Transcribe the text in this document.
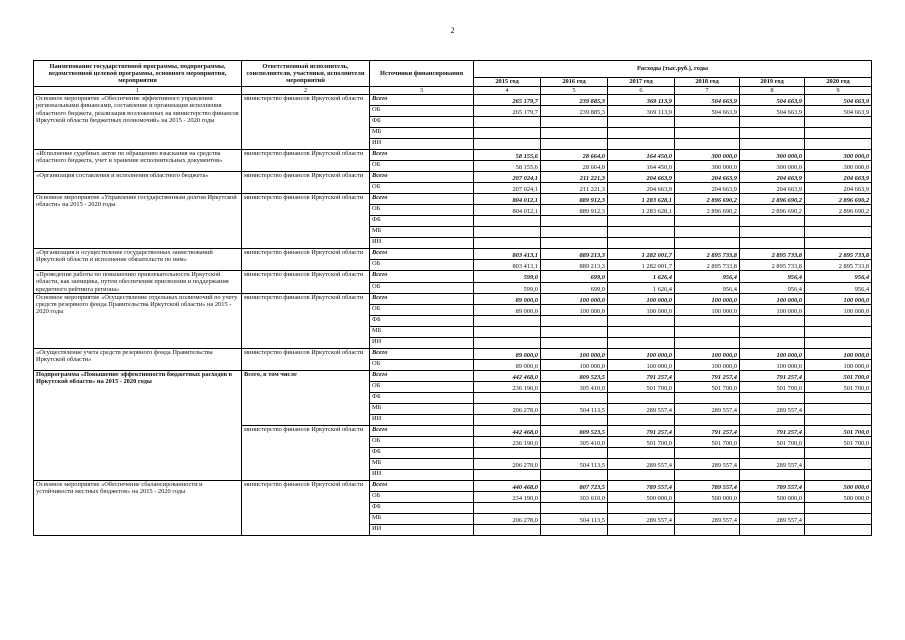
2
Наименование государственной программы, подпрограммы, ведомственной целевой программы, основного мероприятия, мероприятия	Ответственный исполнитель, соисполнители, участники, исполнители мероприятий	Источники финансирования	Расходы (тыс.руб.), годы					
			2015 год	2016 год	2017 год	2018 год	2019 год	2020 год
1	2	3	4	5	6	7	8	9
Основное мероприятие «Обеспечение эффективного управления региональными финансами, составление и организация исполнения областного бюджета, реализация возложенных на министерство финансов Иркутской области бюджетных полномочий» на 2015 - 2020 годы	министерство финансов Иркутской области	Всего	265 179,7	239 885,3	369 113,9	504 663,9	504 663,9	504 663,9
		ОБ	265 179,7	239 885,3	369 113,9	504 663,9	504 663,9	504 663,9
		ФБ						
		МБ						
		ИИ						
«Исполнение судебных актов по обращению взыскания на средства областного бюджета, учет и хранение исполнительных документов»	министерство финансов Иркутской области	Всего	58 155,6	28 664,0	164 450,0	300 000,0	300 000,0	300 000,0
		ОБ	58 155,6	28 664,0	164 450,0	300 000,0	300 000,0	300 000,0
«Организация составления и исполнения областного бюджета»	министерство финансов Иркутской области	Всего	207 024,1	211 221,3	204 663,9	204 663,9	204 663,9	204 663,9
		ОБ	207 024,1	211 221,3	204 663,9	204 663,9	204 663,9	204 663,9
Основное мероприятие «Управление государственным долгом Иркутской области» на 2015 - 2020 годы	министерство финансов Иркутской области	Всего	804 012,1	889 912,3	1 283 628,1	2 896 690,2	2 896 690,2	2 896 690,2
		ОБ	804 012,1	889 912,3	1 283 628,1	2 896 690,2	2 896 690,2	2 896 690,2
		ФБ						
		МБ						
		ИИ						
«Организация и осуществление государственных заимствований Иркутской области и исполнение обязательств по ним»	министерство финансов Иркутской области	Всего	803 413,1	889 213,3	1 282 001,7	2 895 733,8	2 895 733,8	2 895 733,8
		ОБ	803 413,1	889 213,3	1 282 001,7	2 895 733,8	2 895 733,8	2 895 733,8
«Проведение работы по повышению привлекательности Иркутской области, как заемщика, путем обеспечения присвоения и поддержания кредитного рейтинга региона»	министерство финансов Иркутской области	Всего	599,0	699,0	1 626,4	956,4	956,4	956,4
		ОБ	599,0	699,0	1 626,4	956,4	956,4	956,4
Основное мероприятие «Осуществление отдельных полномочий по учету средств резервного фонда Правительства Иркутской области» на 2015 - 2020 годы	министерство финансов Иркутской области	Всего	89 000,0	100 000,0	100 000,0	100 000,0	100 000,0	100 000,0
		ОБ	89 000,0	100 000,0	100 000,0	100 000,0	100 000,0	100 000,0
		ФБ						
		МБ						
		ИИ						
«Осуществление учета средств резервного фонда Правительства Иркутской области»	министерство финансов Иркутской области	Всего	89 000,0	100 000,0	100 000,0	100 000,0	100 000,0	100 000,0
		ОБ	89 000,0	100 000,0	100 000,0	100 000,0	100 000,0	100 000,0
Подпрограмма «Повышение эффективности бюджетных расходов в Иркутской области» на 2015 - 2020 годы	Всего, в том числе	Всего	442 468,0	809 523,5	791 257,4	791 257,4	791 257,4	501 700,0
		ОБ	236 190,0	305 410,0	501 700,0	501 700,0	501 700,0	501 700,0
		ФБ						
		МБ	206 278,0	504 113,5	289 557,4	289 557,4	289 557,4	
		ИИ						
	министерство финансов Иркутской области	Всего	442 468,0	809 523,5	791 257,4	791 257,4	791 257,4	501 700,0
		ОБ	236 190,0	305 410,0	501 700,0	501 700,0	501 700,0	501 700,0
		ФБ						
		МБ	206 278,0	504 113,5	289 557,4	289 557,4	289 557,4	
		ИИ						
Основное мероприятие «Обеспечение сбалансированности и устойчивости местных бюджетов» на 2015 - 2020 годы	министерство финансов Иркутской области	Всего	440 468,0	807 723,5	789 557,4	789 557,4	789 557,4	500 000,0
		ОБ	234 190,0	303 610,0	500 000,0	500 000,0	500 000,0	500 000,0
		ФБ						
		МБ	206 278,0	504 113,5	289 557,4	289 557,4	289 557,4	
		ИИ						
